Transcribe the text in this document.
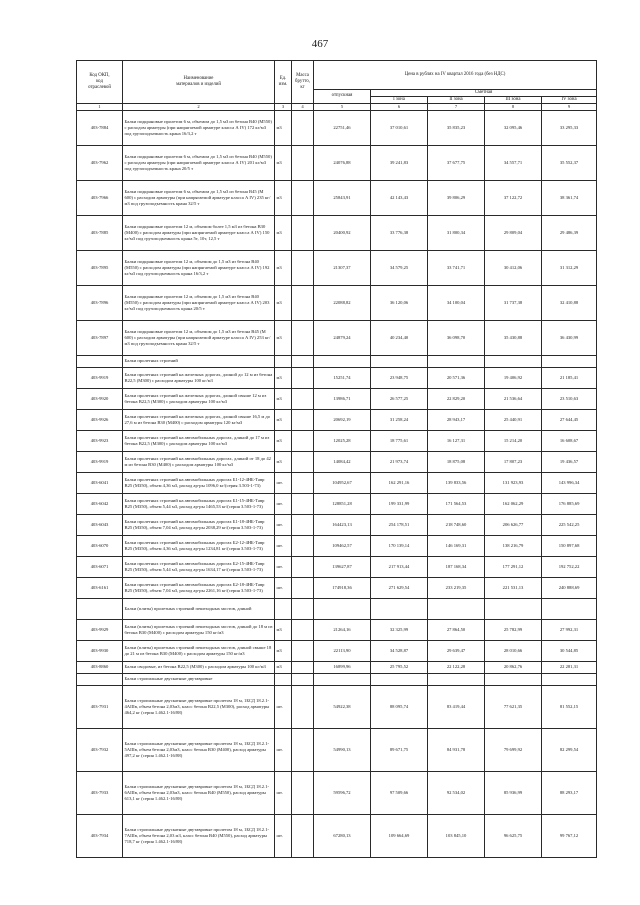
467
Код ОКП,
код
отраслевой	Наименование
материалов и изделий	Ед.
изм.	Масса
брутто,
кг	Цена в рублях на IV квартал 2016 года (без НДС)				
				отпускная	Сметная			
					I зона	II зона	III зона	IV зона
1	2	3	4	5	6	7	8	9
403-7884	Балки подкрановые пролетом 6 м, объемом до 1,5 м3 из бетона В40 (М550) с расходом арматуры (при напрягаемой арматуре класса А IV) 172 кг/м3 под грузоподъемность крана 16/3,2 т	м3		22751,46	37 010,61	35 835,23	32 095,46	33 295,33
403-7962	Балки подкрановые пролетом 6 м, объемом до 1,5 м3 из бетона В40 (М550) с расходом арматуры (при напрягаемой арматуре класса А IV) 201 кг/м3 под грузоподъемность крана 20/5 т	м3		24076,88	39 241,83	37 677,75	34 557,71	35 552,37
403-7966	Балки подкрановые пролетом 6 м, объемом до 1,5 м3 из бетона В45 (М 600) с расходом арматуры (при напрягаемой арматуре класса А IV) 235 кг/м3 под грузоподъемность крана 32/5 т	м3		25843,91	42 143,43	39 806,29	37 122,72	38 361,74
403-7885	Балки подкрановые пролетом 12 м, объемом более 1,5 м3 из бетона В30 (М400) с расходом арматуры (при напрягаемой арматуре класса А IV) 150 кг/м3 под грузоподъемность крана 5т, 10т, 12,5 т	м3		20400,92	33 776,38	31 800,34	29 809,04	29 486,39
403-7895	Балки подкрановые пролетом 12 м, объемом до 1,5 м3 из бетона В40 (М550) с расходом арматуры (при напрягаемой арматуре класса А IV) 192 кг/м3 под грузоподъемность крана 16/3,2 т	м3		21307,37	34 579,25	33 741,71	30 412,06	31 312,29
403-7896	Балки подкрановые пролетом 12 м, объемом до 1,5 м3 из бетона В40 (М550) с расходом арматуры (при напрягаемой арматуре класса А IV) 203 кг/м3 под грузоподъемность крана 20/5 т	м3		22088,82	36 120,06	34 100,04	31 737,38	32 410,88
403-7897	Балки подкрановые пролетом 12 м, объемом до 1,5 м3 из бетона В45 (М 600) с расходом арматуры (при напрягаемой арматуре класса А IV) 253 кг/м3 под грузоподъемность крана 32/5 т	м3		24879,24	40 234,40	36 098,70	35 430,88	36 430,99
	Балки пролетных строений							
403-9919	Балки пролетных строений на железных дорогах, длиной до 12 м из бетона В22,5 (М300) с расходом арматуры 100 кг/м3	м3		15251,74	23 948,75	20 571,36	19 406,92	21 185,41
403-9920	Балки пролетных строений на железных дорогах, длиной свыше 12 м из бетона В22,5 (М300) с расходом арматуры 100 кг/м3	м3		13986,71	26 577,25	22 829,20	21 536,64	23 510,63
403-9926	Балки пролетных строений на железных дорогах, длиной свыше 16,5 м до 27,6 м из бетона В30 (М400) с расходом арматуры 120 кг/м3	м3		20692,19	31 258,24	28 943,17	25 440,91	27 644,45
403-9923	Балки пролетных строений на автомобильных дорогах, длиной до 17 м из бетона В22,5 (М300) с расходом арматуры 100 кг/м3	м3		12025,28	18 775,61	16 127,31	15 214,20	16 608,67
403-9919	Балки пролетных строений на автомобильных дорогах, длиной от 18 до 42 м из бетона В30 (М400) с расходом арматуры 100 кг/м3	м3		14084,42	21 973,74	18 875,08	17 807,23	19 436,57
403-6041	Балки пролетных строений на автомобильных дорогах Б1-12-4НБ-Тавр В25 (М350), объем 4,36 м3, расход ар-ры 1096,0 кг/(серия 3.503-1-73)	шт.		104952,67	162 291,16	139 833,56	131 923,93	143 996,34
403-6042	Балки пролетных строений на автомобильных дорогах Б1-15-4НБ-Тавр В25 (М350), объем 5,44 м3, расход ар-ры 1465,53 кг/(серия 3.503-1-73)	шт.		128851,28	199 331,99	171 564,53	162 062,29	176 885,69
403-6043	Балки пролетных строений на автомобильных дорогах Б1-18-4НБ-Тавр В25 (М350), объем 7,04 м3, расход ар-ры 2038,29 кг/(серия 3.503-1-73)	шт.		164423,13	254 178,51	218 748,60	206 626,77	225 542,25
403-6070	Балки пролетных строений на автомобильных дорогах Б2-12-4НБ-Тавр В25 (М350), объем 4,36 м3, расход ар-ры 1234,81 кг/(серия 3.503-1-73)	шт.		109462,57	170 139,14	146 169,31	138 216,79	150 897,68
403-6071	Балки пролетных строений на автомобильных дорогах Б2-15-4НБ-Тавр В25 (М350), объем 5,44 м3, расход ар-ры 1634,17 кг/(серия 3.503-1-73)	шт.		139627,87	217 913,44	187 168,34	177 291,12	192 752,22
403-6161	Балки пролетных строений на автомобильных дорогах Б2-18-4НБ-Тавр В25 (М350), объем 7,04 м3, расход ар-ры 2261,16 кг/(серия 3.503-1-73)	шт.		174918,36	271 629,54	233 219,35	221 531,13	240 888,69
	Балки (плиты) пролетных строений пешеходных мостов, длиной							
403-9929	Балки (плиты) пролетных строений пешеходных мостов, длиной до 18 м из бетона В30 (М400) с расходом арматуры 150 кг/м3	м3		21264,16	32 325,99	27 864,50	25 782,99	27 992,31
403-9930	Балки (плиты) пролетных строений пешеходных мостов, длиной свыше 18 до 21 м из бетона В30 (М400) с расходом арматуры 150 кг/м3	м3		22113,90	34 528,87	29 639,47	28 010,66	30 544,85
403-8860	Балки сводовые, из бетона В22,5 (М300) с расходом арматуры 100 кг/м3	м3		16899,96	25 795,52	22 122,28	20 862,76	22 281,31
	Балки стропильные двускатные двутавровые							
403-7931	Балки стропильные двускатные двутавровые пролетом 18 м, 1БСД 18.2.1-4АIIIв, объем бетона 2,03м3, класс бетона В22,5 (М300), расход арматуры 464,2 кг (серия 1.462.1-16/88)	шт.		54922,38	88 095,74	83 419,44	77 621,35	81 552,15
403-7932	Балки стропильные двускатные двутавровые пролетом 18 м, 1БСД 18.2.1-5АIIIв, объем бетона 2,03м3, класс бетона В30 (М400), расход арматуры 497,2 кг (серия 1.462.1-16/88)	шт.		54990,13	89 671,75	84 931,78	79 699,92	82 299,54
403-7933	Балки стропильные двускатные двутавровые пролетом 18 м, 1БСД 18.2.1-6АIIIв, объем бетона 2,03м3, класс бетона В40 (М550), расход арматуры 613,1 кг (серия 1.462.1-16/88)	шт.		59596,72	97 509,66	92 534,02	85 936,99	88 293,17
403-7934	Балки стропильные двускатные двутавровые пролетом 18 м, 1БСД 18.2.1-7АIIIв, объем бетона 2,03 м3, класс бетона В40 (М550), расход арматуры 718,7 кг (серия 1.462.1-16/88)	шт.		67280,13	109 664,69	103 845,10	96 625,75	99 767,12
